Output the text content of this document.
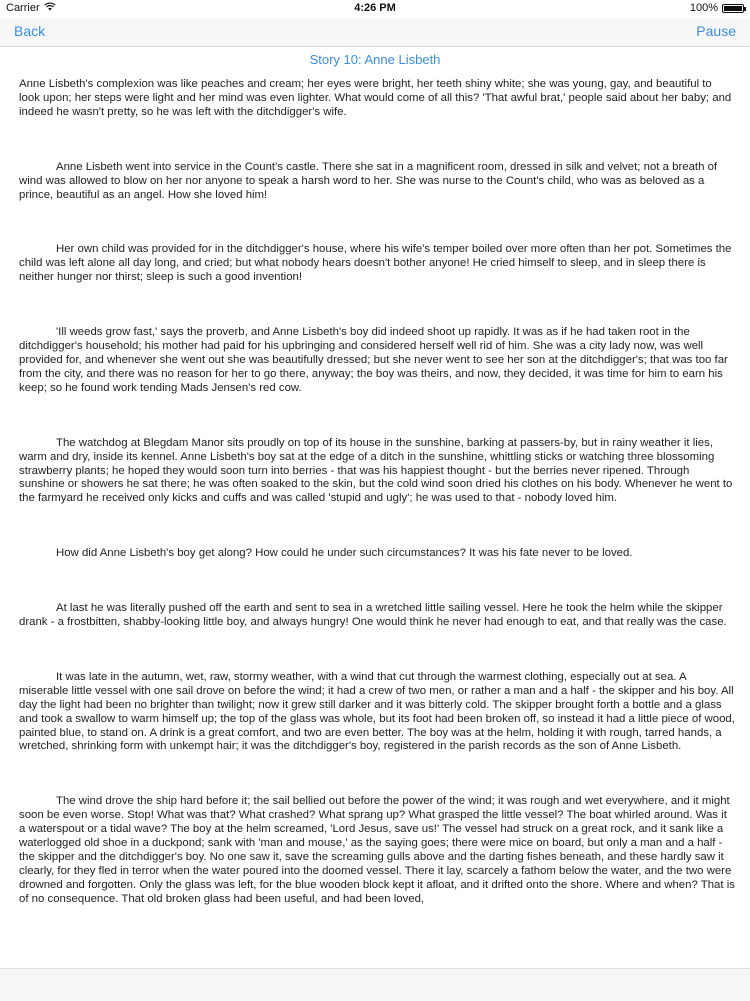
Carrier	4:26 PM	100%
Back	Pause
Story 10: Anne Lisbeth

Anne Lisbeth's complexion was like peaches and cream; her eyes were bright, her teeth shiny white; she was young, gay, and beautiful to look upon; her steps were light and her mind was even lighter. What would come of all this? 'That awful brat,' people said about her baby; and indeed he wasn't pretty, so he was left with the ditchdigger's wife.

Anne Lisbeth went into service in the Count's castle. There she sat in a magnificent room, dressed in silk and velvet; not a breath of wind was allowed to blow on her nor anyone to speak a harsh word to her. She was nurse to the Count's child, who was as beloved as a prince, beautiful as an angel. How she loved him!

Her own child was provided for in the ditchdigger's house, where his wife's temper boiled over more often than her pot. Sometimes the child was left alone all day long, and cried; but what nobody hears doesn't bother anyone! He cried himself to sleep, and in sleep there is neither hunger nor thirst; sleep is such a good invention!

'Ill weeds grow fast,' says the proverb, and Anne Lisbeth's boy did indeed shoot up rapidly. It was as if he had taken root in the ditchdigger's household; his mother had paid for his upbringing and considered herself well rid of him. She was a city lady now, was well provided for, and whenever she went out she was beautifully dressed; but she never went to see her son at the ditchdigger's; that was too far from the city, and there was no reason for her to go there, anyway; the boy was theirs, and now, they decided, it was time for him to earn his keep; so he found work tending Mads Jensen's red cow.

The watchdog at Blegdam Manor sits proudly on top of its house in the sunshine, barking at passers-by, but in rainy weather it lies, warm and dry, inside its kennel. Anne Lisbeth's boy sat at the edge of a ditch in the sunshine, whittling sticks or watching three blossoming strawberry plants; he hoped they would soon turn into berries - that was his happiest thought - but the berries never ripened. Through sunshine or showers he sat there; he was often soaked to the skin, but the cold wind soon dried his clothes on his body. Whenever he went to the farmyard he received only kicks and cuffs and was called 'stupid and ugly'; he was used to that - nobody loved him.

How did Anne Lisbeth's boy get along? How could he under such circumstances? It was his fate never to be loved.

At last he was literally pushed off the earth and sent to sea in a wretched little sailing vessel. Here he took the helm while the skipper drank - a frostbitten, shabby-looking little boy, and always hungry! One would think he never had enough to eat, and that really was the case.

It was late in the autumn, wet, raw, stormy weather, with a wind that cut through the warmest clothing, especially out at sea. A miserable little vessel with one sail drove on before the wind; it had a crew of two men, or rather a man and a half - the skipper and his boy. All day the light had been no brighter than twilight; now it grew still darker and it was bitterly cold. The skipper brought forth a bottle and a glass and took a swallow to warm himself up; the top of the glass was whole, but its foot had been broken off, so instead it had a little piece of wood, painted blue, to stand on. A drink is a great comfort, and two are even better. The boy was at the helm, holding it with rough, tarred hands, a wretched, shrinking form with unkempt hair; it was the ditchdigger's boy, registered in the parish records as the son of Anne Lisbeth.

The wind drove the ship hard before it; the sail bellied out before the power of the wind; it was rough and wet everywhere, and it might soon be even worse. Stop! What was that? What crashed? What sprang up? What grasped the little vessel? The boat whirled around. Was it a waterspout or a tidal wave? The boy at the helm screamed, 'Lord Jesus, save us!' The vessel had struck on a great rock, and it sank like a waterlogged old shoe in a duckpond; sank with 'man and mouse,' as the saying goes; there were mice on board, but only a man and a half - the skipper and the ditchdigger's boy. No one saw it, save the screaming gulls above and the darting fishes beneath, and these hardly saw it clearly, for they fled in terror when the water poured into the doomed vessel. There it lay, scarcely a fathom below the water, and the two were drowned and forgotten. Only the glass was left, for the blue wooden block kept it afloat, and it drifted onto the shore. Where and when? That is of no consequence. That old broken glass had been useful, and had been loved,
